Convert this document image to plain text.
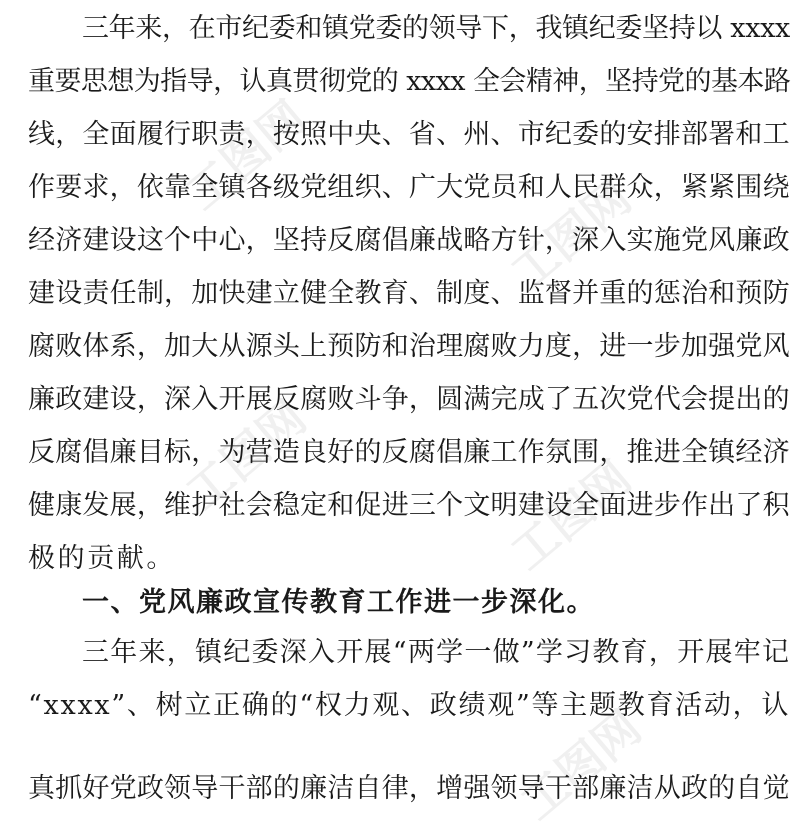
工图网
工图网
工图网	工图网
工图网
三年来，在市纪委和镇党委的领导下，我镇纪委坚持以 xxxx
重要思想为指导，认真贯彻党的 xxxx 全会精神，坚持党的基本路
线，全面履行职责，按照中央、省、州、市纪委的安排部署和工
作要求，依靠全镇各级党组织、广大党员和人民群众，紧紧围绕
经济建设这个中心，坚持反腐倡廉战略方针，深入实施党风廉政
建设责任制，加快建立健全教育、制度、监督并重的惩治和预防
腐败体系，加大从源头上预防和治理腐败力度，进一步加强党风
廉政建设，深入开展反腐败斗争，圆满完成了五次党代会提出的
反腐倡廉目标，为营造良好的反腐倡廉工作氛围，推进全镇经济
健康发展，维护社会稳定和促进三个文明建设全面进步作出了积
极的贡献。
一、党风廉政宣传教育工作进一步深化。
三年来，镇纪委深入开展“两学一做”学习教育，开展牢记
“xxxx”、树立正确的“权力观、政绩观”等主题教育活动，认
真抓好党政领导干部的廉洁自律，增强领导干部廉洁从政的自觉
